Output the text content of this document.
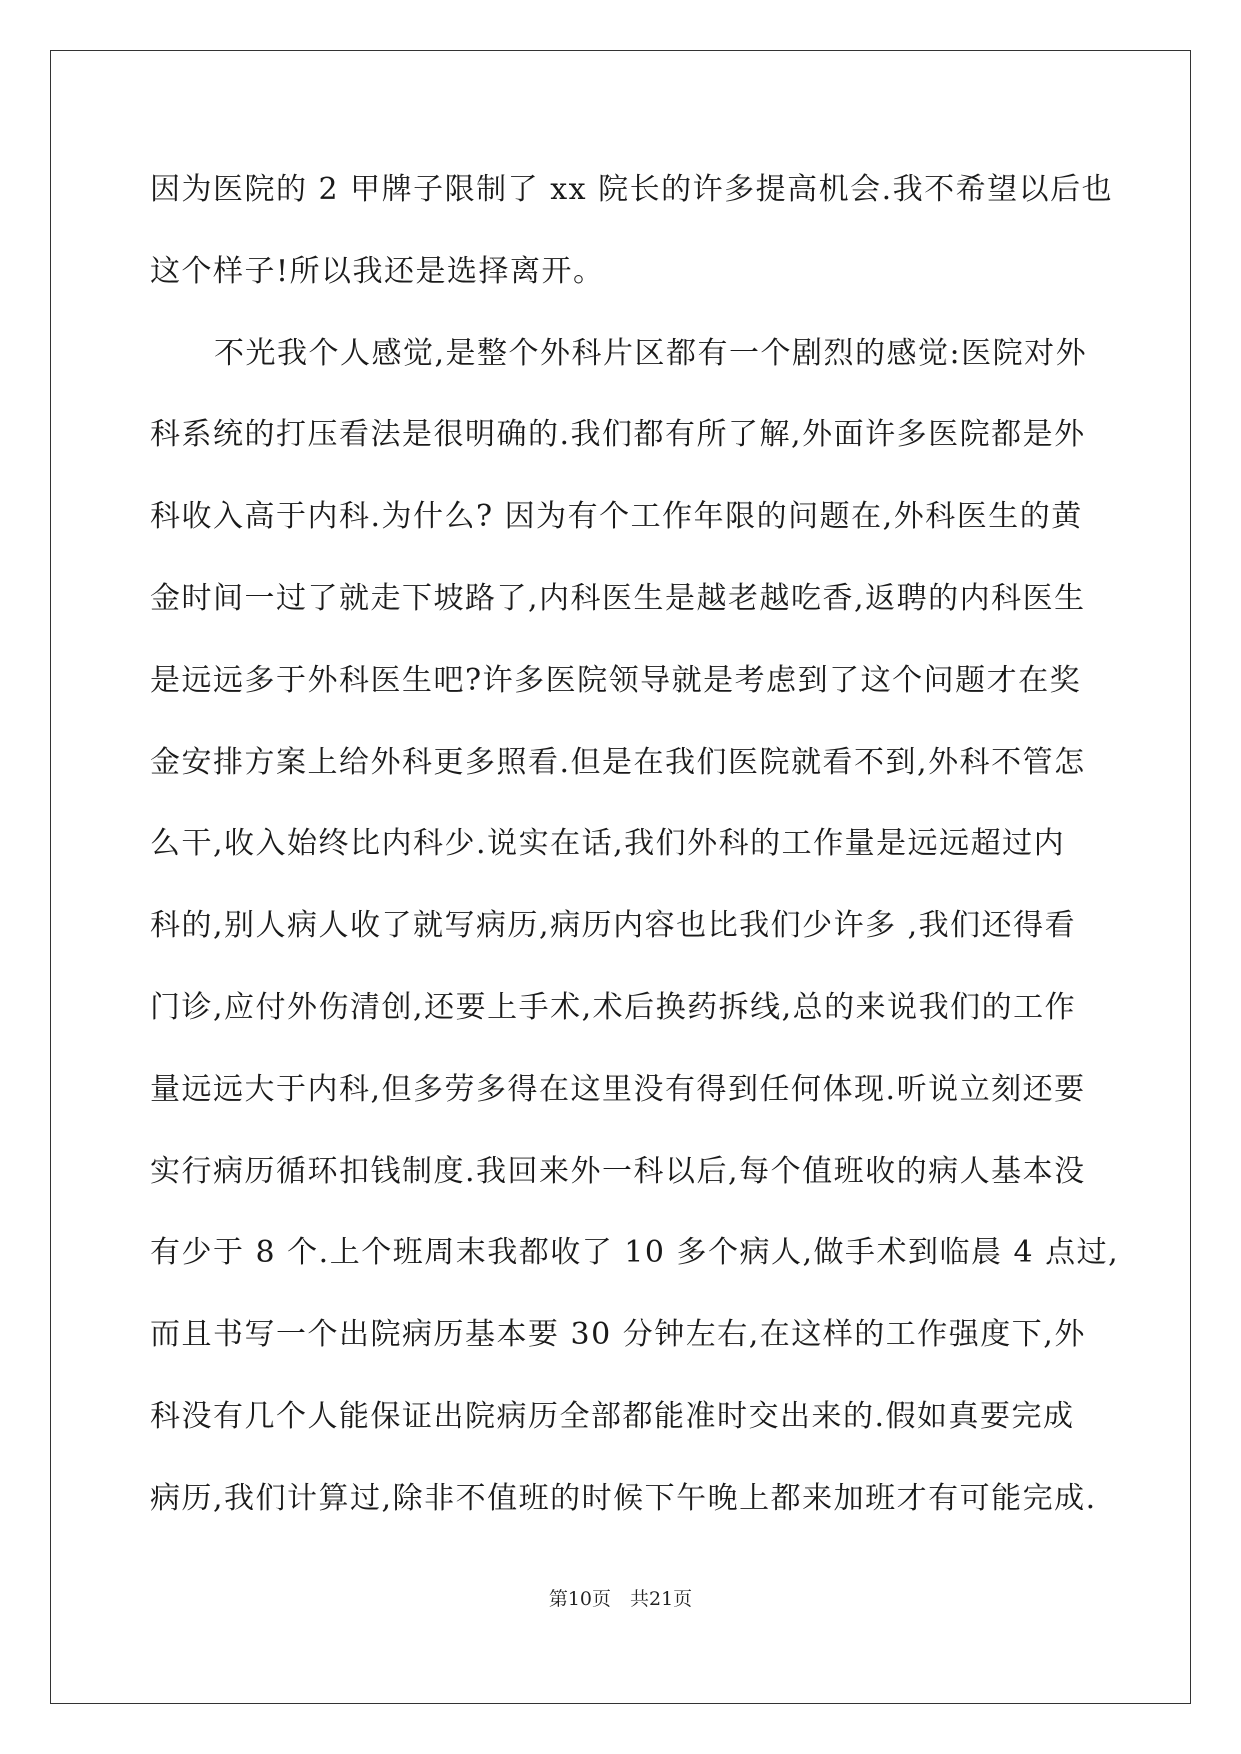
因为医院的 2 甲牌子限制了 xx 院长的许多提高机会.我不希望以后也
这个样子!所以我还是选择离开。
不光我个人感觉,是整个外科片区都有一个剧烈的感觉:医院对外
科系统的打压看法是很明确的.我们都有所了解,外面许多医院都是外
科收入高于内科.为什么? 因为有个工作年限的问题在,外科医生的黄
金时间一过了就走下坡路了,内科医生是越老越吃香,返聘的内科医生
是远远多于外科医生吧?许多医院领导就是考虑到了这个问题才在奖
金安排方案上给外科更多照看.但是在我们医院就看不到,外科不管怎
么干,收入始终比内科少.说实在话,我们外科的工作量是远远超过内
科的,别人病人收了就写病历,病历内容也比我们少许多 ,我们还得看
门诊,应付外伤清创,还要上手术,术后换药拆线,总的来说我们的工作
量远远大于内科,但多劳多得在这里没有得到任何体现.听说立刻还要
实行病历循环扣钱制度.我回来外一科以后,每个值班收的病人基本没
有少于 8 个.上个班周末我都收了 10 多个病人,做手术到临晨 4 点过,
而且书写一个出院病历基本要 30 分钟左右,在这样的工作强度下,外
科没有几个人能保证出院病历全部都能准时交出来的.假如真要完成
病历,我们计算过,除非不值班的时候下午晚上都来加班才有可能完成.
第10页　共21页
